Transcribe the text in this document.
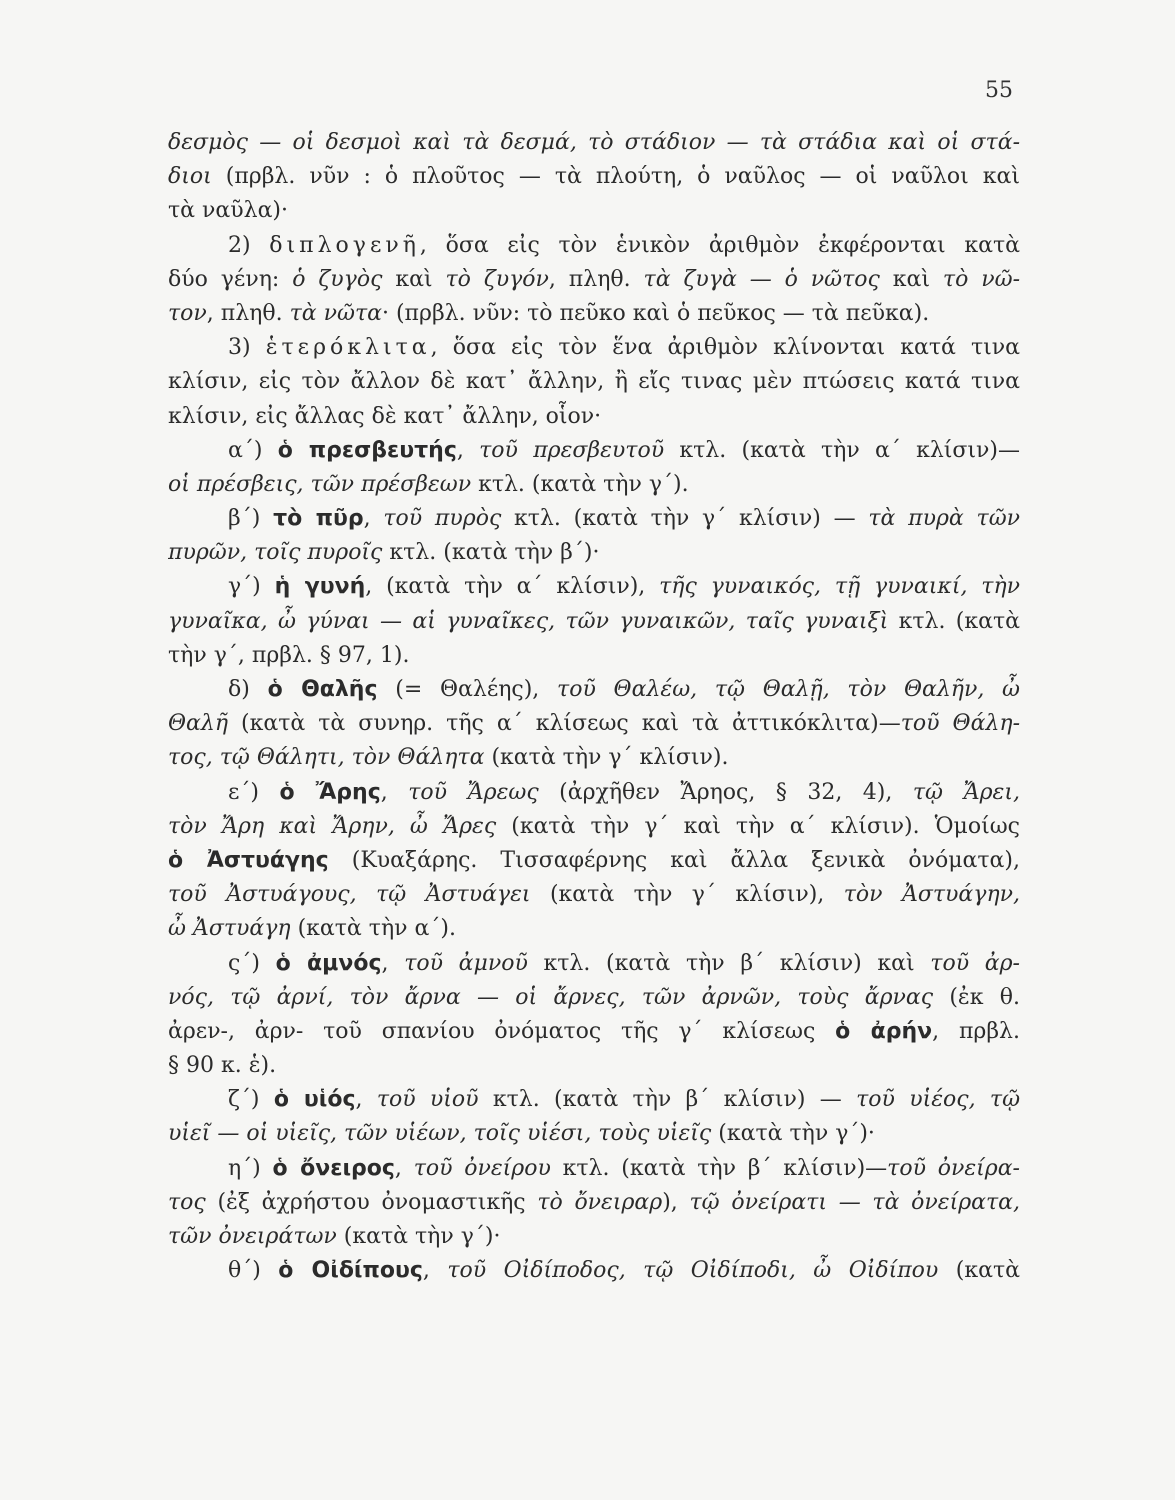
55
δεσμὸς — οἱ δεσμοὶ καὶ τὰ δεσμά, τὸ στάδιον — τὰ στάδια καὶ οἱ στά-
διοι (πρβλ. νῦν : ὁ πλοῦτος — τὰ πλούτη, ὁ ναῦλος — οἱ ναῦλοι καὶ
τὰ ναῦλα)·
2) διπλογενῆ, ὅσα εἰς τὸν ἑνικὸν ἀριθμὸν ἐκφέρονται κατὰ
δύο γένη: ὁ ζυγὸς καὶ τὸ ζυγόν, πληθ. τὰ ζυγὰ — ὁ νῶτος καὶ τὸ νῶ-
τον, πληθ. τὰ νῶτα· (πρβλ. νῦν: τὸ πεῦκο καὶ ὁ πεῦκος — τὰ πεῦκα).
3) ἑτερόκλιτα, ὅσα εἰς τὸν ἕνα ἀριθμὸν κλίνονται κατά τινα
κλίσιν, εἰς τὸν ἄλλον δὲ κατ᾽ ἄλλην, ἢ εἴς τινας μὲν πτώσεις κατά τινα
κλίσιν, εἰς ἄλλας δὲ κατ᾽ ἄλλην, οἷον·
α΄) ὁ πρεσβευτής, τοῦ πρεσβευτοῦ κτλ. (κατὰ τὴν α΄ κλίσιν)—
οἱ πρέσβεις, τῶν πρέσβεων κτλ. (κατὰ τὴν γ΄).
β΄) τὸ πῦρ, τοῦ πυρὸς κτλ. (κατὰ τὴν γ΄ κλίσιν) — τὰ πυρὰ τῶν
πυρῶν, τοῖς πυροῖς κτλ. (κατὰ τὴν β΄)·
γ΄) ἡ γυνή, (κατὰ τὴν α΄ κλίσιν), τῆς γυναικός, τῇ γυναικί, τὴν
γυναῖκα, ὦ γύναι — αἱ γυναῖκες, τῶν γυναικῶν, ταῖς γυναιξὶ κτλ. (κατὰ
τὴν γ΄, πρβλ. § 97, 1).
δ) ὁ Θαλῆς (= Θαλέης), τοῦ Θαλέω, τῷ Θαλῇ, τὸν Θαλῆν, ὦ
Θαλῆ (κατὰ τὰ συνηρ. τῆς α΄ κλίσεως καὶ τὰ ἀττικόκλιτα)—τοῦ Θάλη-
τος, τῷ Θάλητι, τὸν Θάλητα (κατὰ τὴν γ΄ κλίσιν).
ε΄) ὁ Ἄρης, τοῦ Ἄρεως (ἀρχῆθεν Ἄρηος, § 32, 4), τῷ Ἄρει,
τὸν Ἄρη καὶ Ἄρην, ὦ Ἄρες (κατὰ τὴν γ΄ καὶ τὴν α΄ κλίσιν). Ὁμοίως
ὁ Ἀστυάγης (Κυαξάρης. Τισσαφέρνης καὶ ἄλλα ξενικὰ ὀνόματα),
τοῦ Ἀστυάγους, τῷ Ἀστυάγει (κατὰ τὴν γ΄ κλίσιν), τὸν Ἀστυάγην,
ὦ Ἀστυάγη (κατὰ τὴν α΄).
ς΄) ὁ ἀμνός, τοῦ ἀμνοῦ κτλ. (κατὰ τὴν β΄ κλίσιν) καὶ τοῦ ἀρ-
νός, τῷ ἀρνί, τὸν ἄρνα — οἱ ἄρνες, τῶν ἀρνῶν, τοὺς ἄρνας (ἐκ θ.
ἀρεν-, ἀρν- τοῦ σπανίου ὀνόματος τῆς γ΄ κλίσεως ὁ ἀρήν, πρβλ.
§ 90 κ. ἑ).
ζ΄) ὁ υἱός, τοῦ υἱοῦ κτλ. (κατὰ τὴν β΄ κλίσιν) — τοῦ υἱέος, τῷ
υἱεῖ — οἱ υἱεῖς, τῶν υἱέων, τοῖς υἱέσι, τοὺς υἱεῖς (κατὰ τὴν γ΄)·
η΄) ὁ ὄνειρος, τοῦ ὀνείρου κτλ. (κατὰ τὴν β΄ κλίσιν)—τοῦ ὀνείρα-
τος (ἐξ ἀχρήστου ὀνομαστικῆς τὸ ὄνειραρ), τῷ ὀνείρατι — τὰ ὀνείρατα,
τῶν ὀνειράτων (κατὰ τὴν γ΄)·
θ΄) ὁ Οἰδίπους, τοῦ Οἰδίποδος, τῷ Οἰδίποδι, ὦ Οἰδίπου (κατὰ
